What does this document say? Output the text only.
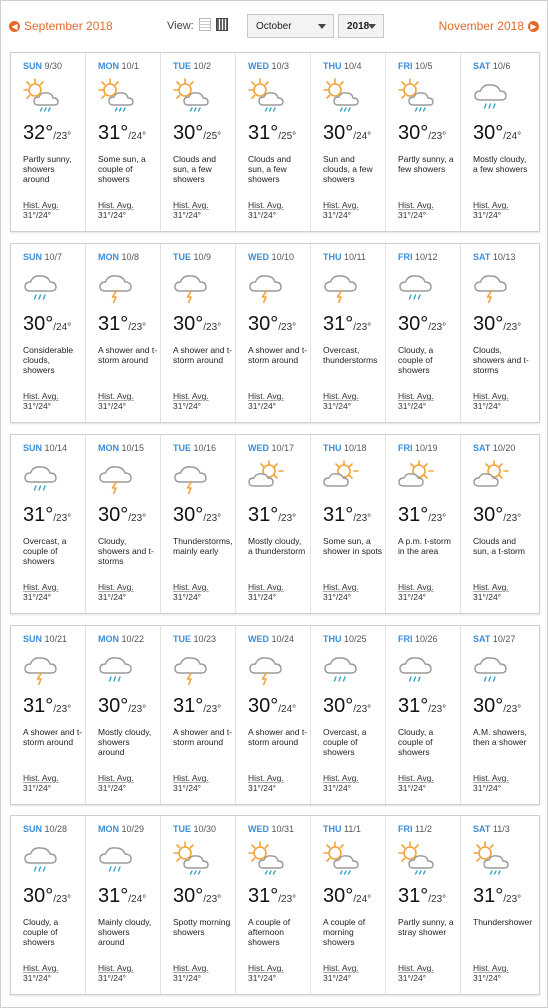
◀ September 2018	View:	October	2018	November 2018 ▶
SUN 9/30
32°/23°
Partly sunny, showers around
Hist. Avg.
31°/24°
MON 10/1
31°/24°
Some sun, a couple of showers
Hist. Avg.
31°/24°
TUE 10/2
30°/25°
Clouds and sun, a few showers
Hist. Avg.
31°/24°
WED 10/3
31°/25°
Clouds and sun, a few showers
Hist. Avg.
31°/24°
THU 10/4
30°/24°
Sun and clouds, a few showers
Hist. Avg.
31°/24°
FRI 10/5
30°/23°
Partly sunny, a few showers
Hist. Avg.
31°/24°
SAT 10/6
30°/24°
Mostly cloudy, a few showers
Hist. Avg.
31°/24°
SUN 10/7
30°/24°
Considerable clouds, showers
Hist. Avg.
31°/24°
MON 10/8
31°/23°
A shower and t-storm around
Hist. Avg.
31°/24°
TUE 10/9
30°/23°
A shower and t-storm around
Hist. Avg.
31°/24°
WED 10/10
30°/23°
A shower and t-storm around
Hist. Avg.
31°/24°
THU 10/11
31°/23°
Overcast, thunderstorms
Hist. Avg.
31°/24°
FRI 10/12
30°/23°
Cloudy, a couple of showers
Hist. Avg.
31°/24°
SAT 10/13
30°/23°
Clouds, showers and t-storms
Hist. Avg.
31°/24°
SUN 10/14
31°/23°
Overcast, a couple of showers
Hist. Avg.
31°/24°
MON 10/15
30°/23°
Cloudy, showers and t-storms
Hist. Avg.
31°/24°
TUE 10/16
30°/23°
Thunderstorms, mainly early
Hist. Avg.
31°/24°
WED 10/17
31°/23°
Mostly cloudy, a thunderstorm
Hist. Avg.
31°/24°
THU 10/18
31°/23°
Some sun, a shower in spots
Hist. Avg.
31°/24°
FRI 10/19
31°/23°
A p.m. t-storm in the area
Hist. Avg.
31°/24°
SAT 10/20
30°/23°
Clouds and sun, a t-storm
Hist. Avg.
31°/24°
SUN 10/21
31°/23°
A shower and t-storm around
Hist. Avg.
31°/24°
MON 10/22
30°/23°
Mostly cloudy, showers around
Hist. Avg.
31°/24°
TUE 10/23
31°/23°
A shower and t-storm around
Hist. Avg.
31°/24°
WED 10/24
30°/24°
A shower and t-storm around
Hist. Avg.
31°/24°
THU 10/25
30°/23°
Overcast, a couple of showers
Hist. Avg.
31°/24°
FRI 10/26
31°/23°
Cloudy, a couple of showers
Hist. Avg.
31°/24°
SAT 10/27
30°/23°
A.M. showers, then a shower
Hist. Avg.
31°/24°
SUN 10/28
30°/23°
Cloudy, a couple of showers
Hist. Avg.
31°/24°
MON 10/29
31°/24°
Mainly cloudy, showers around
Hist. Avg.
31°/24°
TUE 10/30
30°/23°
Spotty morning showers
Hist. Avg.
31°/24°
WED 10/31
31°/23°
A couple of afternoon showers
Hist. Avg.
31°/24°
THU 11/1
30°/24°
A couple of morning showers
Hist. Avg.
31°/24°
FRI 11/2
31°/23°
Partly sunny, a stray shower
Hist. Avg.
31°/24°
SAT 11/3
31°/23°
Thundershower
Hist. Avg.
31°/24°
